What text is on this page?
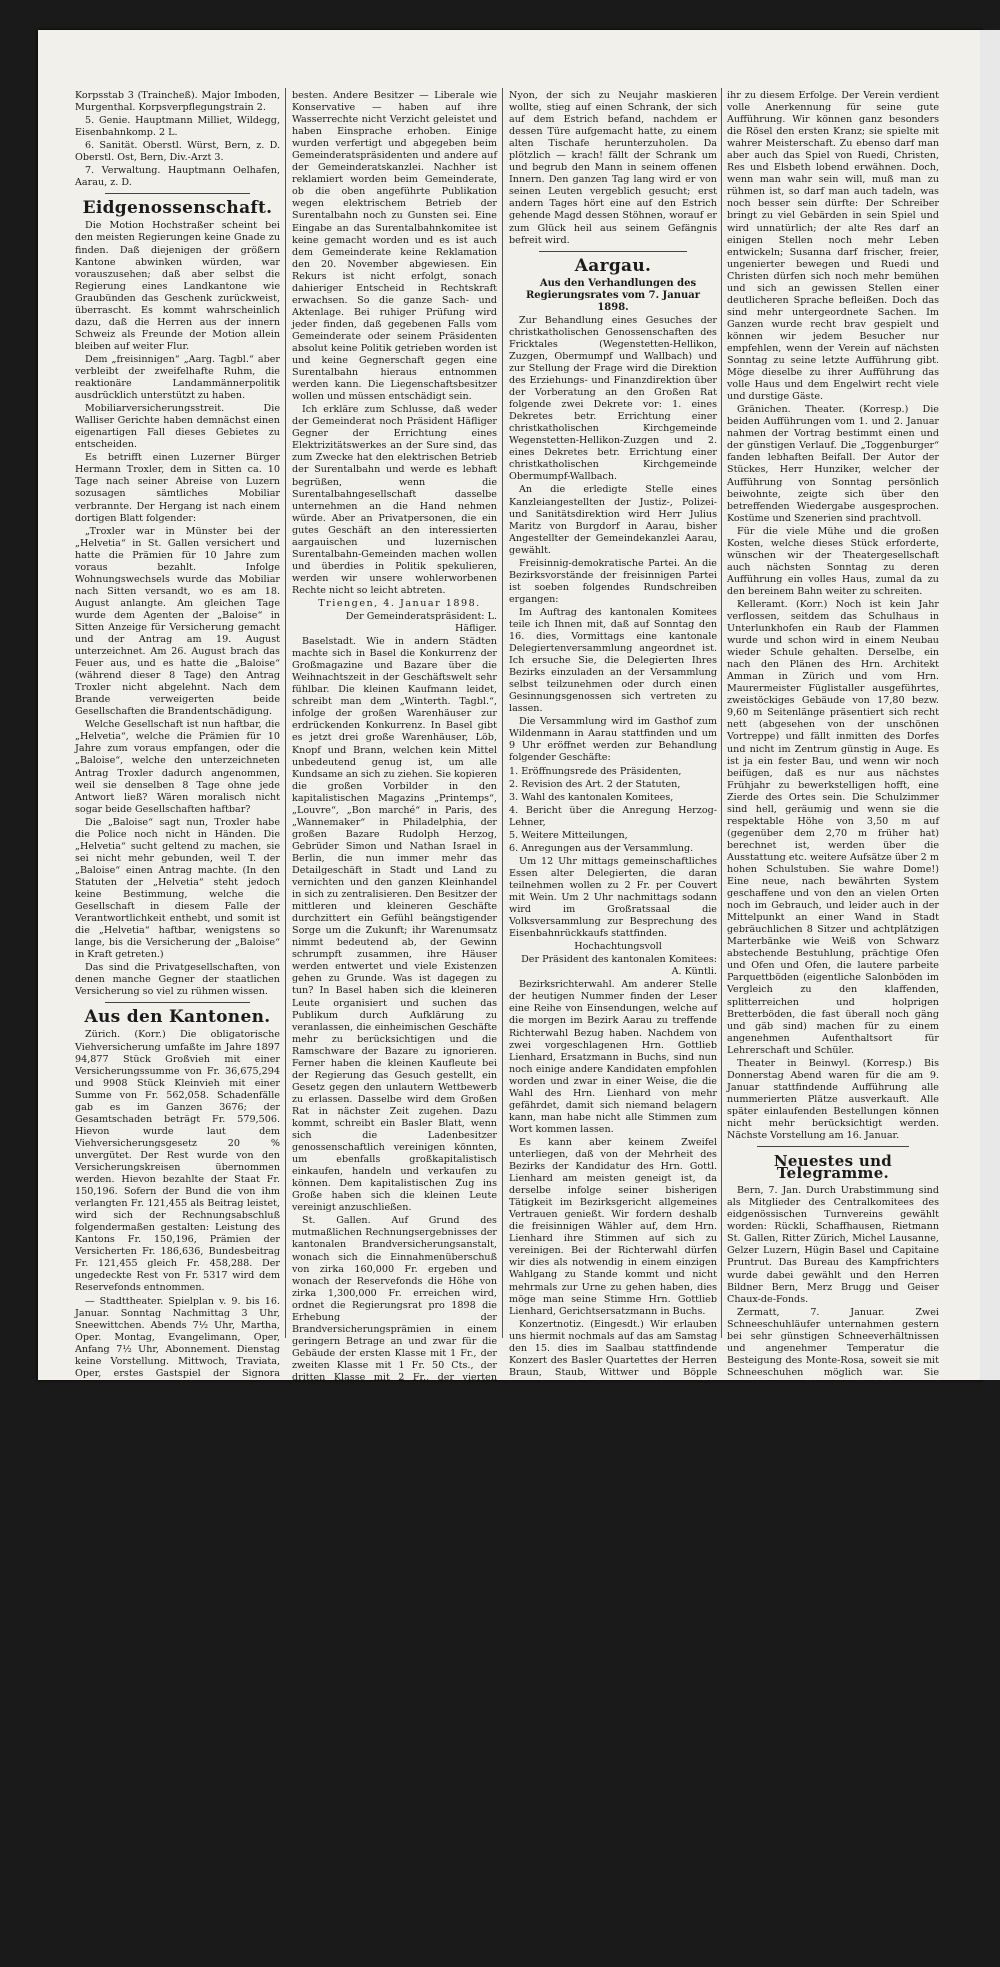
Korpsstab 3 (Traincheß). Major Imboden, Murgenthal. Korpsverpflegungstrain 2.

5. Genie. Hauptmann Milliet, Wildegg, Eisenbahnkomp. 2 L.

6. Sanität. Oberstl. Würst, Bern, z. D. Oberstl. Ost, Bern, Div.-Arzt 3.

7. Verwaltung. Hauptmann Oelhafen, Aarau, z. D.

Eidgenossenschaft.

Die Motion Hochstraßer scheint bei den meisten Regierungen keine Gnade zu finden. Daß diejenigen der größern Kantone abwinken würden, war vorauszusehen; daß aber selbst die Regierung eines Landkantone wie Graubünden das Geschenk zurückweist, überrascht. Es kommt wahrscheinlich dazu, daß die Herren aus der innern Schweiz als Freunde der Motion allein bleiben auf weiter Flur.

Dem „freisinnigen“ „Aarg. Tagbl.“ aber verbleibt der zweifelhafte Ruhm, die reaktionäre Landammännerpolitik ausdrücklich unterstützt zu haben.

Mobiliarversicherungsstreit. Die Walliser Gerichte haben demnächst einen eigenartigen Fall dieses Gebietes zu entscheiden.

Es betrifft einen Luzerner Bürger Hermann Troxler, dem in Sitten ca. 10 Tage nach seiner Abreise von Luzern sozusagen sämtliches Mobiliar verbrannte. Der Hergang ist nach einem dortigen Blatt folgender:

„Troxler war in Münster bei der „Helvetia“ in St. Gallen versichert und hatte die Prämien für 10 Jahre zum voraus bezahlt. Infolge Wohnungswechsels wurde das Mobiliar nach Sitten versandt, wo es am 18. August anlangte. Am gleichen Tage wurde dem Agenten der „Baloise“ in Sitten Anzeige für Versicherung gemacht und der Antrag am 19. August unterzeichnet. Am 26. August brach das Feuer aus, und es hatte die „Baloise“ (während dieser 8 Tage) den Antrag Troxler nicht abgelehnt. Nach dem Brande verweigerten beide Gesellschaften die Brandentschädigung.

Welche Gesellschaft ist nun haftbar, die „Helvetia“, welche die Prämien für 10 Jahre zum voraus empfangen, oder die „Baloise“, welche den unterzeichneten Antrag Troxler dadurch angenommen, weil sie denselben 8 Tage ohne jede Antwort ließ? Wären moralisch nicht sogar beide Gesellschaften haftbar?

Die „Baloise“ sagt nun, Troxler habe die Police noch nicht in Händen. Die „Helvetia“ sucht geltend zu machen, sie sei nicht mehr gebunden, weil T. der „Baloise“ einen Antrag machte. (In den Statuten der „Helvetia“ steht jedoch keine Bestimmung, welche die Gesellschaft in diesem Falle der Verantwortlichkeit enthebt, und somit ist die „Helvetia“ haftbar, wenigstens so lange, bis die Versicherung der „Baloise“ in Kraft getreten.)

Das sind die Privatgesellschaften, von denen manche Gegner der staatlichen Versicherung so viel zu rühmen wissen.

Aus den Kantonen.

Zürich. (Korr.) Die obligatorische Viehversicherung umfaßte im Jahre 1897 94,877 Stück Großvieh mit einer Versicherungssumme von Fr. 36,675,294 und 9908 Stück Kleinvieh mit einer Summe von Fr. 562,058. Schadenfälle gab es im Ganzen 3676; der Gesamtschaden beträgt Fr. 579,506. Hievon wurde laut dem Viehversicherungsgesetz 20 % unvergütet. Der Rest wurde von den Versicherungskreisen übernommen werden. Hievon bezahlte der Staat Fr. 150,196. Sofern der Bund die von ihm verlangten Fr. 121,455 als Beitrag leistet, wird sich der Rechnungsabschluß folgendermaßen gestalten: Leistung des Kantons Fr. 150,196, Prämien der Versicherten Fr. 186,636, Bundesbeitrag Fr. 121,455 gleich Fr. 458,288. Der ungedeckte Rest von Fr. 5317 wird dem Reservefonds entnommen.

— Stadttheater. Spielplan v. 9. bis 16. Januar. Sonntag Nachmittag 3 Uhr, Sneewittchen. Abends 7½ Uhr, Martha, Oper. Montag, Evangelimann, Oper, Anfang 7½ Uhr, Abonnement. Dienstag keine Vorstellung. Mittwoch, Traviata, Oper, erstes Gastspiel der Signora Prevosti, Anf. 7½ Uhr, Abonnement. Donnerstag, Mikado, Operette, Anf. 7½ Uhr. Freitag, Lucia, Oper, Sign. Prevosti als Gast, Anf. 7½ Uhr, Abonnement. Samstag, Wintermärchen, Schauspiel, Anf. 7½ Uhr. Sonntag, Nachmittags 3 Uhr Carmen, Oper, Sign. Prevosti als Gast. Abends 7½ U. Rund der Sabinerinnen, Schwank.

Luzern. Triengen. Bezugnehmend auf die Korrespondenz vom 24. Dezember abhin im „Vaterland“ betreffend Wasserrechts-Konzession an der Sure, angeregt von HH. Gebr. Fischer im Feld, erlauben wir nachstehende Erwiderung:

Das Konzessionsgesuch zur Anlage eines Wasserwerkes an der Sure unterhalb Triengen behufs Erzeugung elektrischer Energie für Beleuchtung und elektrische Verwendung mit Einspruchsfrist bis und mit 9. Dezbr. abhin ist publiziert im Kantonsblatt Nr. 45 vom 11. November 1897. Dahierige Einsprüche sind bei der Gemeinderatskanzlei anzubringen. Am Schlusse des Gesuches ist gesagt: eventuell für eine Surentalbahn. Die Surenmattenbesitzer haben das Wasserrecht und es besitzen dieselben mit ohne Ausnahme das Wasserrecht aus den Wassergraben eingetragen. Einige Besitzer haben darauf Verzicht geleistet. Mit welcher Mühe und Vorgaben bis zu Stande gekommen, wissen die HH. Gebr. Fischer am

besten. Andere Besitzer — Liberale wie Konservative — haben auf ihre Wasserrechte nicht Verzicht geleistet und haben Einsprache erhoben. Einige wurden verfertigt und abgegeben beim Gemeinderatspräsidenten und andere auf der Gemeinderatskanzlei. Nachher ist reklamiert worden beim Gemeinderate, ob die oben angeführte Publikation wegen elektrischem Betrieb der Surentalbahn noch zu Gunsten sei. Eine Eingabe an das Surentalbahnkomitee ist keine gemacht worden und es ist auch dem Gemeinderate keine Reklamation den 20. November abgewiesen. Ein Rekurs ist nicht erfolgt, sonach dahieriger Entscheid in Rechtskraft erwachsen. So die ganze Sach- und Aktenlage. Bei ruhiger Prüfung wird jeder finden, daß gegebenen Falls vom Gemeinderate oder seinem Präsidenten absolut keine Politik getrieben worden ist und keine Gegnerschaft gegen eine Surentalbahn hieraus entnommen werden kann. Die Liegenschaftsbesitzer wollen und müssen entschädigt sein.

Ich erkläre zum Schlusse, daß weder der Gemeinderat noch Präsident Häfliger Gegner der Errichtung eines Elektrizitätswerkes an der Sure sind, das zum Zwecke hat den elektrischen Betrieb der Surentalbahn und werde es lebhaft begrüßen, wenn die Surentalbahngesellschaft dasselbe unternehmen an die Hand nehmen würde. Aber an Privatpersonen, die ein gutes Geschäft an den interessierten aargauischen und luzernischen Surentalbahn-Gemeinden machen wollen und überdies in Politik spekulieren, werden wir unsere wohlerworbenen Rechte nicht so leicht abtreten.

Triengen, 4. Januar 1898.

Der Gemeinderatspräsident: L. Häfliger.

Baselstadt. Wie in andern Städten machte sich in Basel die Konkurrenz der Großmagazine und Bazare über die Weihnachtszeit in der Geschäftswelt sehr fühlbar. Die kleinen Kaufmann leidet, schreibt man dem „Winterth. Tagbl.“, infolge der großen Warenhäuser zur erdrückenden Konkurrenz. In Basel gibt es jetzt drei große Warenhäuser, Löb, Knopf und Brann, welchen kein Mittel unbedeutend genug ist, um alle Kundsame an sich zu ziehen. Sie kopieren die großen Vorbilder in den kapitalistischen Magazins „Printemps“, „Louvre“, „Bon marché“ in Paris, des „Wannemaker“ in Philadelphia, der großen Bazare Rudolph Herzog, Gebrüder Simon und Nathan Israel in Berlin, die nun immer mehr das Detailgeschäft in Stadt und Land zu vernichten und den ganzen Kleinhandel in sich zu zentralisieren. Den Besitzer der mittleren und kleineren Geschäfte durchzittert ein Gefühl beängstigender Sorge um die Zukunft; ihr Warenumsatz nimmt bedeutend ab, der Gewinn schrumpft zusammen, ihre Häuser werden entwertet und viele Existenzen gehen zu Grunde. Was ist dagegen zu tun? In Basel haben sich die kleineren Leute organisiert und suchen das Publikum durch Aufklärung zu veranlassen, die einheimischen Geschäfte mehr zu berücksichtigen und die Ramschware der Bazare zu ignorieren. Ferner haben die kleinen Kaufleute bei der Regierung das Gesuch gestellt, ein Gesetz gegen den unlautern Wettbewerb zu erlassen. Dasselbe wird dem Großen Rat in nächster Zeit zugehen. Dazu kommt, schreibt ein Basler Blatt, wenn sich die Ladenbesitzer genossenschaftlich vereinigen könnten, um ebenfalls großkapitalistisch einkaufen, handeln und verkaufen zu können. Dem kapitalistischen Zug ins Große haben sich die kleinen Leute vereinigt anzuschließen.

St. Gallen. Auf Grund des mutmaßlichen Rechnungsergebnisses der kantonalen Brandversicherungsanstalt, wonach sich die Einnahmenüberschuß von zirka 160,000 Fr. ergeben und wonach der Reservefonds die Höhe von zirka 1,300,000 Fr. erreichen wird, ordnet die Regierungsrat pro 1898 die Erhebung der Brandversicherungsprämien in einem geringern Betrage an und zwar für die Gebäude der ersten Klasse mit 1 Fr., der zweiten Klasse mit 1 Fr. 50 Cts., der dritten Klasse mit 2 Fr., der vierten Klasse mit 2 Fr. 50 Cts., der fünften Klasse mit 3 Fr., der sechsten Klasse mit 4 Fr. vom Tausend des Versicherungskapitals.

Thurgau. Die Notare des Kantons sind von der Regierung darauf aufmerksam gemacht worden, daß es nicht gestattet ist, daß in den Bureaux, in welchen sich die Notariatskanzleien befinden, Wirtschaften betrieben werden. Die „Thurgauer Tagblatt“ klagt über die Ungleichheit welche die Notare in ländlichen Gegenden über den Betrieb einer Wirtschaft. Den Friedensrichtern ist das Wirten gestattet, und es wird wohl schwer halten, den Notaren das nämliche Recht zu verbieten.

Neuenburg. Von der französischen Grenze wird in Morteau den „National suisse“ in Chaux-de-Fonds berichtet, daß am 27. v. M. der Maire Barthelet von St. Point zu seinem Erstaunen auf dem Fensterbrett seiner Küche ein Paket fand mit 2000 Franken in Banknoten, welche das Geld ein Käfer Biennet, dem es vor zehn Jahren gestohlen worden waren. So etwas kommt nicht alle Tage vor und ist daher schon notiert worden.

Waadt. In Hermenches hätten die Neujahrsfeste bald großes Unglück verursacht. Die Jugend des Dorfes war üblicherweise in einem Saale versammelt, als jemand an ein an der Decke angebrachtes Gefäß stieß, das auf den Fußboden fiel und den Lokal mitteilte. Die erschreckten Kinder drängten sich zum Ausgange und ermöglichten sich der schmalen Treppe eine betrübliche Stockung. Auf ihr Schreien eilte aber sofort Hilfe herbei, so daß jemand die Treppe hinunter zu Hülfe und löschte zugleich schnell die beginnende Feuersbrunst; immerhin trugen einige der Kleinen nicht unbedenkliche Verletzungen davon.

— Ein seltener Neujahrsgestalt.

Ein junger Mann aus einem Dorfe oberhalb

Nyon, der sich zu Neujahr maskieren wollte, stieg auf einen Schrank, der sich auf dem Estrich befand, nachdem er dessen Türe aufgemacht hatte, zu einem alten Tischafe herunterzuholen. Da plötzlich — krach! fällt der Schrank um und begrub den Mann in seinem offenen Innern. Den ganzen Tag lang wird er von seinen Leuten vergeblich gesucht; erst andern Tages hört eine auf den Estrich gehende Magd dessen Stöhnen, worauf er zum Glück heil aus seinem Gefängnis befreit wird.

Aargau.

Aus den Verhandlungen des Regierungsrates vom 7. Januar 1898.

Zur Behandlung eines Gesuches der christkatholischen Genossenschaften des Fricktales (Wegenstetten-Hellikon, Zuzgen, Obermumpf und Wallbach) und zur Stellung der Frage wird die Direktion des Erziehungs- und Finanzdirektion über der Vorberatung an den Großen Rat folgende zwei Dekrete vor: 1. eines Dekretes betr. Errichtung einer christkatholischen Kirchgemeinde Wegenstetten-Hellikon-Zuzgen und 2. eines Dekretes betr. Errichtung einer christkatholischen Kirchgemeinde Obermumpf-Wallbach.

An die erledigte Stelle eines Kanzleiangestellten der Justiz-, Polizei- und Sanitätsdirektion wird Herr Julius Maritz von Burgdorf in Aarau, bisher Angestellter der Gemeindekanzlei Aarau, gewählt.

Freisinnig-demokratische Partei. An die Bezirksvorstände der freisinnigen Partei ist soeben folgendes Rundschreiben ergangen:

Im Auftrag des kantonalen Komitees teile ich Ihnen mit, daß auf Sonntag den 16. dies, Vormittags eine kantonale Delegiertenversammlung angeordnet ist. Ich ersuche Sie, die Delegierten Ihres Bezirks einzuladen an der Versammlung selbst teilzunehmen oder durch einen Gesinnungsgenossen sich vertreten zu lassen.

Die Versammlung wird im Gasthof zum Wildenmann in Aarau stattfinden und um 9 Uhr eröffnet werden zur Behandlung folgender Geschäfte:

1. Eröffnungsrede des Präsidenten,

2. Revision des Art. 2 der Statuten,

3. Wahl des kantonalen Komitees,

4. Bericht über die Anregung Herzog-Lehner,

5. Weitere Mitteilungen,

6. Anregungen aus der Versammlung.

Um 12 Uhr mittags gemeinschaftliches Essen alter Delegierten, die daran teilnehmen wollen zu 2 Fr. per Couvert mit Wein. Um 2 Uhr nachmittags sodann wird im Großratssaal die Volksversammlung zur Besprechung des Eisenbahnrückkaufs stattfinden.

Hochachtungsvoll

Der Präsident des kantonalen Komitees: A. Küntli.

Bezirksrichterwahl. Am anderer Stelle der heutigen Nummer finden der Leser eine Reihe von Einsendungen, welche auf die morgen im Bezirk Aarau zu treffende Richterwahl Bezug haben. Nachdem von zwei vorgeschlagenen Hrn. Gottlieb Lienhard, Ersatzmann in Buchs, sind nun noch einige andere Kandidaten empfohlen worden und zwar in einer Weise, die die Wahl des Hrn. Lienhard von mehr gefährdet, damit sich niemand belagern kann, man habe nicht alle Stimmen zum Wort kommen lassen.

Es kann aber keinem Zweifel unterliegen, daß von der Mehrheit des Bezirks der Kandidatur des Hrn. Gottl. Lienhard am meisten geneigt ist, da derselbe infolge seiner bisherigen Tätigkeit im Bezirksgericht allgemeines Vertrauen genießt. Wir fordern deshalb die freisinnigen Wähler auf, dem Hrn. Lienhard ihre Stimmen auf sich zu vereinigen. Bei der Richterwahl dürfen wir dies als notwendig in einem einzigen Wahlgang zu Stande kommt und nicht mehrmals zur Urne zu gehen haben, dies möge man seine Stimme Hrn. Gottlieb Lienhard, Gerichtsersatzmann in Buchs.

Konzertnotiz. (Eingesdt.) Wir erlauben uns hiermit nochmals auf das am Samstag den 15. dies im Saalbau stattfindende Konzert des Basler Quartettes der Herren Braun, Staub, Wittwer und Böpple besonders aufmerksam zu machen.

Die Unglücksfälle infolge unvorsichtigen Umgangs mit Petroleum mehren sich von Tag zu Tag. Bekanntlich ist es, daß Wasser in das brennende Petroleum gegossen, diese nur noch mehr zerstäubt und breitet, sondern vielmehr dasselbe bei noch einer größern Raum verbreitet. Das sicherste Mittel zum Ersticken eines Brandes ist Erde oder Sand. Milch, welche demselben Zweck erfüllt und welches in jedem Haushalt fast immer zur Hand sein dürfte: die Milch. Auf brennendes Petroleum gegossen, bringt sie dieses sofort zum Erlöschen.

Ober-Entfelden. (Eing.) Wir waren am letzten Neujahrstage auch im Theater und zwar im Engel zu Oberentfelden, wo die dortige Musikgesellschaft „Das Schweizerherz“ von Heimann, ein neueres vaterländisches Stück, über die Bretter gehen ließ. Wir werden da in die Zeit des deutsch-französischen Krieges, in die sog. Bourbakizeit, zurückversetzt, wo die in das äußerste Elend, in voller Verzweiflung sich auf Schweizerboden flüchteten und vom Schweizervolk mit warmem Herzen aufgenommen und mehrere Wochen aufs beste verpflegt wurden.

Die Musikgesellschaft hat mit der Wahl dieses Stückes einen guten Wurf getan; wir gratulieren

ihr zu diesem Erfolge. Der Verein verdient volle Anerkennung für seine gute Aufführung. Wir können ganz besonders die Rösel den ersten Kranz; sie spielte mit wahrer Meisterschaft. Zu ebenso darf man aber auch das Spiel von Ruedi, Christen, Res und Elsbeth lobend erwähnen. Doch, wenn man wahr sein will, muß man zu rühmen ist, so darf man auch tadeln, was noch besser sein dürfte: Der Schreiber bringt zu viel Gebärden in sein Spiel und wird unnatürlich; der alte Res darf an einigen Stellen noch mehr Leben entwickeln; Susanna darf frischer, freier, ungenierter bewegen und Ruedi und Christen dürfen sich noch mehr bemühen und sich an gewissen Stellen einer deutlicheren Sprache befleißen. Doch das sind mehr untergeordnete Sachen. Im Ganzen wurde recht brav gespielt und können wir jedem Besucher nur empfehlen, wenn der Verein auf nächsten Sonntag zu seine letzte Aufführung gibt. Möge dieselbe zu ihrer Aufführung das volle Haus und dem Engelwirt recht viele und durstige Gäste.

Gränichen. Theater. (Korresp.) Die beiden Aufführungen vom 1. und 2. Januar nahmen der Vortrag bestimmt einen und der günstigen Verlauf. Die „Toggenburger“ fanden lebhaften Beifall. Der Autor der Stückes, Herr Hunziker, welcher der Aufführung von Sonntag persönlich beiwohnte, zeigte sich über den betreffenden Wiedergabe ausgesprochen. Kostüme und Szenerien sind prachtvoll.

Für die viele Mühe und die großen Kosten, welche dieses Stück erforderte, wünschen wir der Theatergesellschaft auch nächsten Sonntag zu deren Aufführung ein volles Haus, zumal da zu den bereinem Bahn weiter zu schreiten.

Kelleramt. (Korr.) Noch ist kein Jahr verflossen, seitdem das Schulhaus in Unterlunkhofen ein Raub der Flammen wurde und schon wird in einem Neubau wieder Schule gehalten. Derselbe, ein nach den Plänen des Hrn. Architekt Amman in Zürich und vom Hrn. Maurermeister Füglistaller ausgeführtes, zweistöckiges Gebäude von 17,80 bezw. 9,60 m Seitenlänge präsentiert sich recht nett (abgesehen von der unschönen Vortreppe) und fällt inmitten des Dorfes und nicht im Zentrum günstig in Auge. Es ist ja ein fester Bau, und wenn wir noch beifügen, daß es nur aus nächstes Frühjahr zu bewerkstelligen hofft, eine Zierde des Ortes sein. Die Schulzimmer sind hell, geräumig und wenn sie die respektable Höhe von 3,50 m auf (gegenüber dem 2,70 m früher hat) berechnet ist, werden über die Ausstattung etc. weitere Aufsätze über 2 m hohen Schulstuben. Sie wahre Dome!) Eine neue, nach bewährten System geschaffene und von den an vielen Orten noch im Gebrauch, und leider auch in der Mittelpunkt an einer Wand in Stadt gebräuchlichen 8 Sitzer und achtplätzigen Marterbänke wie Weiß von Schwarz abstechende Bestuhlung, prächtige Ofen und Ofen und Ofen, die lautere parbeite Parquettböden (eigentliche Salonböden im Vergleich zu den klaffenden, splitterreichen und holprigen Bretterböden, die fast überall noch gäng und gäb sind) machen für zu einem angenehmen Aufenthaltsort für Lehrerschaft und Schüler.

Theater in Beinwyl. (Korresp.) Bis Donnerstag Abend waren für die am 9. Januar stattfindende Aufführung alle nummerierten Plätze ausverkauft. Alle später einlaufenden Bestellungen können nicht mehr berücksichtigt werden. Nächste Vorstellung am 16. Januar.

Neuestes und Telegramme.

Bern, 7. Jan. Durch Urabstimmung sind als Mitglieder des Centralkomitees des eidgenössischen Turnvereins gewählt worden: Rückli, Schaffhausen, Rietmann St. Gallen, Ritter Zürich, Michel Lausanne, Gelzer Luzern, Hügin Basel und Capitaine Pruntrut. Das Bureau des Kampfrichters wurde dabei gewählt und den Herren Bildner Bern, Merz Brugg und Geiser Chaux-de-Fonds.

Zermatt, 7. Januar. Zwei Schneeschuhläufer unternahmen gestern bei sehr günstigen Schneeverhältnissen und angenehmer Temperatur die Besteigung des Monte-Rosa, soweit sie mit Schneeschuhen möglich war. Sie erreichten eine Höhe von 4200 Metern und statteten im Vorbeigehen auch dem Riffelhorn einen Besuch ab; der Rückweg nach Zermatt wurde in kaum sechs Minuten und ging von statten ohne Gefahr.

Chur, 7. Jan. Der Wildhüter Schmid aus Malix wollte einen Irrsinnigen von Sturze vom Dache eines Hauses retten, und wurde mit diesem in die Tiefe mitgerissen; beide wurden getötet.

Straßburg, 7. Jan. Gestern Abend 5 Uhr stürzte der ganze Bau einer verstädigen Rennhaus, das Treppenhauses ab gebaut wurde, zusammen. Fünf Arbeiter sind tot, 4 schwer, 4 weniger schwer verletzt, 3 werden noch vermißt.

London, 7. Jan. Nach der „Daily News“ wird in Moskau ein Vertrag zwischen Rußland und China im Peking Often zusammentreten. In politischen Kreisen ist man der Ansicht, daß eine englisch-japanische Allianz. „Times“ will wissen, Kiao-Tschau sei von Deutschland für 99 Jahre gepachtet worden.

Shanghai, 7. Jan. Rußland will für sich in Port Arthur dieselben Vorteile erlangen wie Deutschland in Kiao-Tschau. England und Japan machen jedoch Opposition.

Letzte Telegramme.

Frankfurt, 8. Jan. Der schweizerische Ingenieur Cattani, der kürzlich wegen angeblicher Befähigung von Damen auf offener Straße verhaftet wurde und der Brottag die freilich die Red.) ist wegen die gleichen Vergehens neuerdings verhaftet worden.

Shanghai, 8. Jan. Japan stellt drei Panzerschiffe und 10 Panzerkreuzer zur Verfügung des englischen Viceadmirals in den chinesischen Gewässern.
